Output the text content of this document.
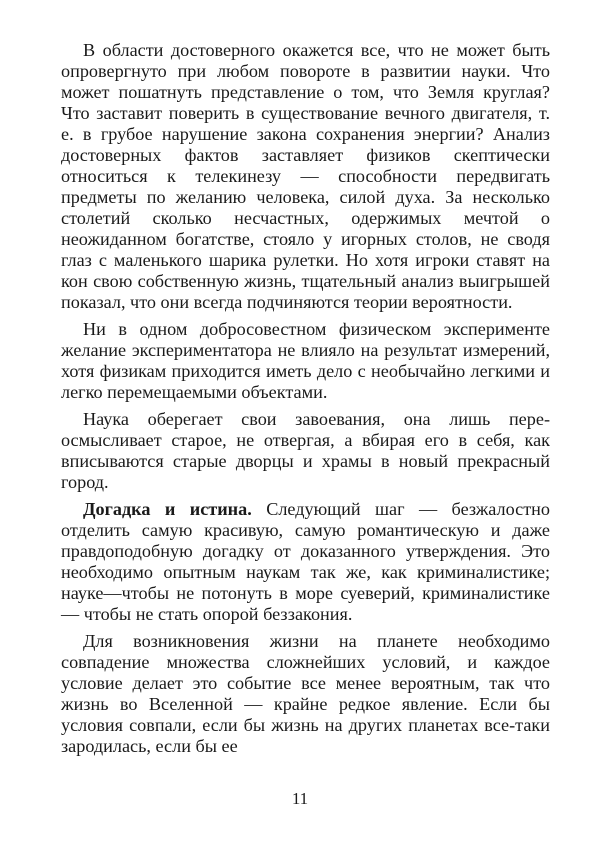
В области достоверного окажется все, что не может быть опровергнуто при любом повороте в развитии науки. Что может пошатнуть представление о том, что Земля круглая? Что заставит поверить в существование вечного двигателя, т. е. в грубое нарушение закона сохранения энергии? Анализ достоверных фактов заставляет физиков скептически относиться к телекинезу — способности передвигать предметы по желанию человека, силой духа. За несколько столетий сколько несчастных, одержимых мечтой о неожиданном богатстве, стояло у игорных столов, не сводя глаз с маленького шарика рулетки. Но хотя игроки ставят на кон свою собственную жизнь, тщательный анализ выигрышей показал, что они всегда подчиняются теории вероятности.

Ни в одном добросовестном физическом эксперименте желание экспериментатора не влияло на результат измерений, хотя физикам приходится иметь дело с необычайно легкими и легко перемещаемыми объектами.

Наука оберегает свои завоевания, она лишь переосмысливает старое, не отвергая, а вбирая его в себя, как вписываются старые дворцы и храмы в новый прекрасный город.

Догадка и истина. Следующий шаг — безжалостно отделить самую красивую, самую романтическую и даже правдоподобную догадку от доказанного утверждения. Это необходимо опытным наукам так же, как криминалистике; науке—чтобы не потонуть в море суеверий, криминалистике — чтобы не стать опорой беззакония.

Для возникновения жизни на планете необходимо совпадение множества сложнейших условий, и каждое условие делает это событие все менее вероятным, так что жизнь во Вселенной — крайне редкое явление. Если бы условия совпали, если бы жизнь на других планетах все-таки зародилась, если бы ее

11
